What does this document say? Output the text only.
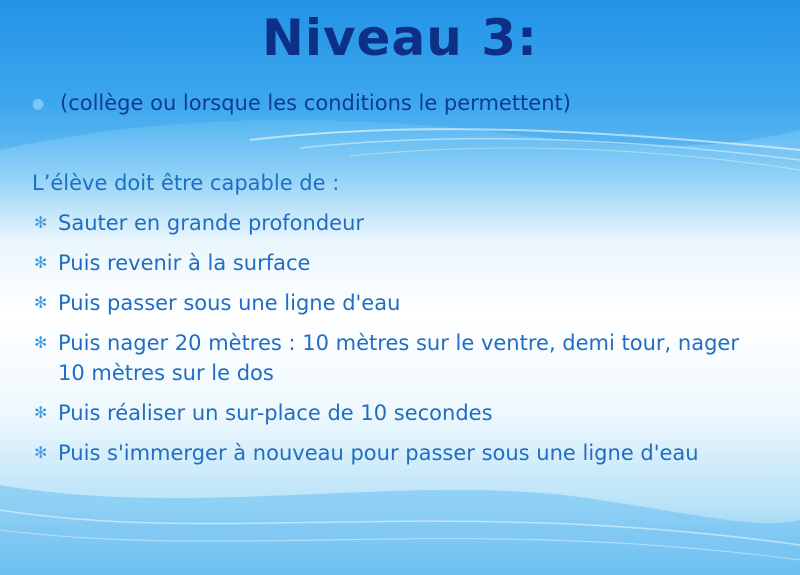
Niveau 3:

● (collège ou lorsque les conditions le permettent)

L’élève doit être capable de :

✻ Sauter en grande profondeur
✻ Puis revenir à la surface
✻ Puis passer sous une ligne d'eau
✻ Puis nager 20 mètres : 10 mètres sur le ventre, demi tour, nager 10 mètres sur le dos
✻ Puis réaliser un sur-place de 10 secondes
✻ Puis s'immerger à nouveau pour passer sous une ligne d'eau
